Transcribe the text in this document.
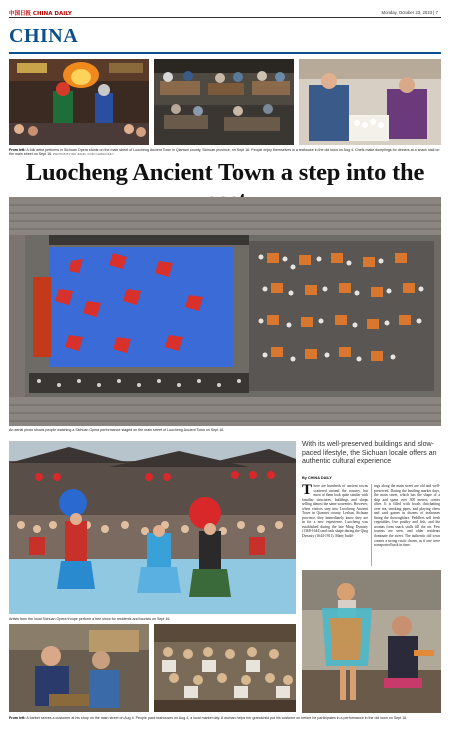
中国日报 CHINA DAILY	Monday, October 23, 2023 | 7
CHINA
From left: A folk artist performs in Sichuan Opera stunts on the main street of Luocheng Ancient Town in Qianwei county, Sichuan province, on Sept 16. People enjoy themselves in a teahouse in the old town on Aug 4. Chefs make dumplings for dinners at a snack stall on the main street on Sept 16. PHOTOS BY WU JIANG / FOR CHINA DAILY
Luocheng Ancient Town a step into the
An aerial photo shows people watching a Sichuan Opera performance staged on the main street of Luocheng Ancient Town on Sept 16.
Artists from the local Sichuan Opera troupe perform a free show for residents and tourists on Sept 16.
With its well-preserved buildings and slow-paced lifestyle, the Sichuan locale offers an authentic cultural experience
By CHINA DAILY
There are hundreds of ancient towns scattered around the country, but most of them look quite similar with familiar structures, buildings and shops selling almost the same souvenirs. However, when visitors step into Luocheng Ancient Town in Qianwei county, Leshan, Sichuan province, they immediately know they are in for a new experience. Luocheng was established during the late Ming Dynasty (1368-1644) and took shape during the Qing Dynasty (1644-1911). Many build-
ings along the main street are old and well-preserved. During the bustling market days, the main street, which has the shape of a ship and spans over 300 meters, comes alive. It is filled with locals chitchatting over tea, smoking pipes, and playing chess and card games in dozens of teahouses lining the thoroughfare. Peddlers sell fresh vegetables, live poultry and fish, and the aromas from snack stalls fill the air. Few tourists are seen, and older residents dominate the street. The authentic old town creates a strong rustic charm, as if one were transported back in time.
From left: A barber serves a customer at his shop on the main street on Aug 4. People pack teahouses on Aug 4, a local market day. A woman helps her grandchild put his costume on before he participates in a performance in the old town on Sept 16.
